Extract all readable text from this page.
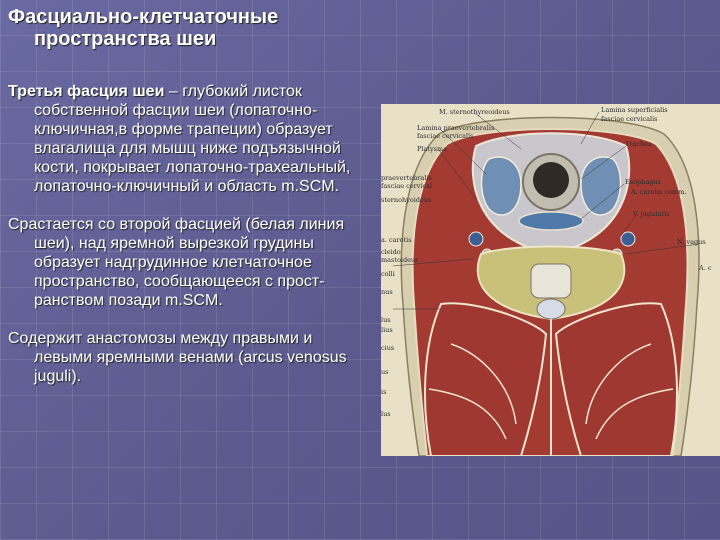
Фасциально-клетчаточные
пространства шеи

Третья фасция шеи – глубокий листок собственной фасции шеи (лопаточно-ключичная,в форме трапеции) образует влагалища для мышц ниже подъязычной кости, покрывает лопаточно-трахеальный, лопаточно-ключичный и область m.SCM.

Срастается со второй фасцией (белая линия шеи), над яремной вырезкой грудины образует надгрудинное клетчаточное пространство, сообщающееся с прост-ранством позади m.SCM.

Содержит анастомозы между правыми и левыми яремными венами (arcus venosus juguli).

M. sternothyreoideus	Lamina superficialis
fasciae cervicalis
Lamina praevertebralis
fasciae cervicalis
Platysma
Trachea
Esophagus
A. carotis comm.
V. jugularis
N. vagus
A. c
praevertebralis
fasciae cervical
sternohyoideus
a. carotis
cleido
mastoideus
colli
nus
lus
lius
cius
us
is
lus
